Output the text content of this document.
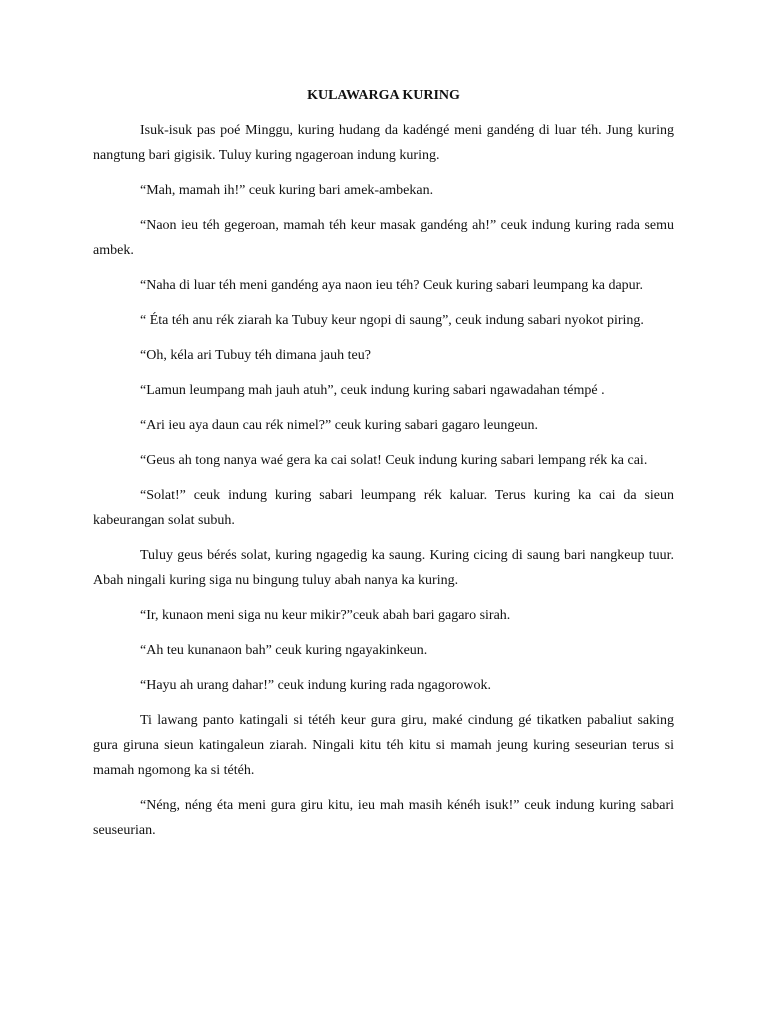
KULAWARGA KURING

Isuk-isuk pas poé Minggu, kuring hudang da kadéngé meni gandéng di luar téh. Jung kuring nangtung bari gigisik. Tuluy kuring ngageroan indung kuring.

“Mah, mamah ih!” ceuk kuring bari amek-ambekan.

“Naon ieu téh gegeroan, mamah téh keur masak gandéng ah!” ceuk indung kuring rada semu ambek.

“Naha di luar téh meni gandéng aya naon ieu téh? Ceuk kuring sabari leumpang ka dapur.

“ Éta téh anu rék ziarah ka Tubuy keur ngopi di saung”, ceuk indung sabari nyokot piring.

“Oh, kéla ari Tubuy téh dimana jauh teu?

“Lamun leumpang mah jauh atuh”, ceuk indung kuring sabari ngawadahan témpé .

“Ari ieu aya daun cau rék nimel?” ceuk kuring sabari gagaro leungeun.

“Geus ah tong nanya waé gera ka cai solat! Ceuk indung kuring sabari lempang rék ka cai.

“Solat!” ceuk indung kuring sabari leumpang rék kaluar. Terus kuring ka cai da sieun kabeurangan solat subuh.

Tuluy geus bérés solat, kuring ngagedig ka saung. Kuring cicing di saung bari nangkeup tuur. Abah ningali kuring siga nu bingung tuluy abah nanya ka kuring.

“Ir, kunaon meni siga nu keur mikir?”ceuk abah bari gagaro sirah.

“Ah teu kunanaon bah” ceuk kuring ngayakinkeun.

“Hayu ah urang dahar!” ceuk indung kuring rada ngagorowok.

Ti lawang panto katingali si tétéh keur gura giru, maké cindung gé tikatken pabaliut saking gura giruna sieun katingaleun ziarah. Ningali kitu téh kitu si mamah jeung kuring seseurian terus si mamah ngomong ka si tétéh.

“Néng, néng éta meni gura giru kitu, ieu mah masih kénéh isuk!” ceuk indung kuring sabari seuseurian.
